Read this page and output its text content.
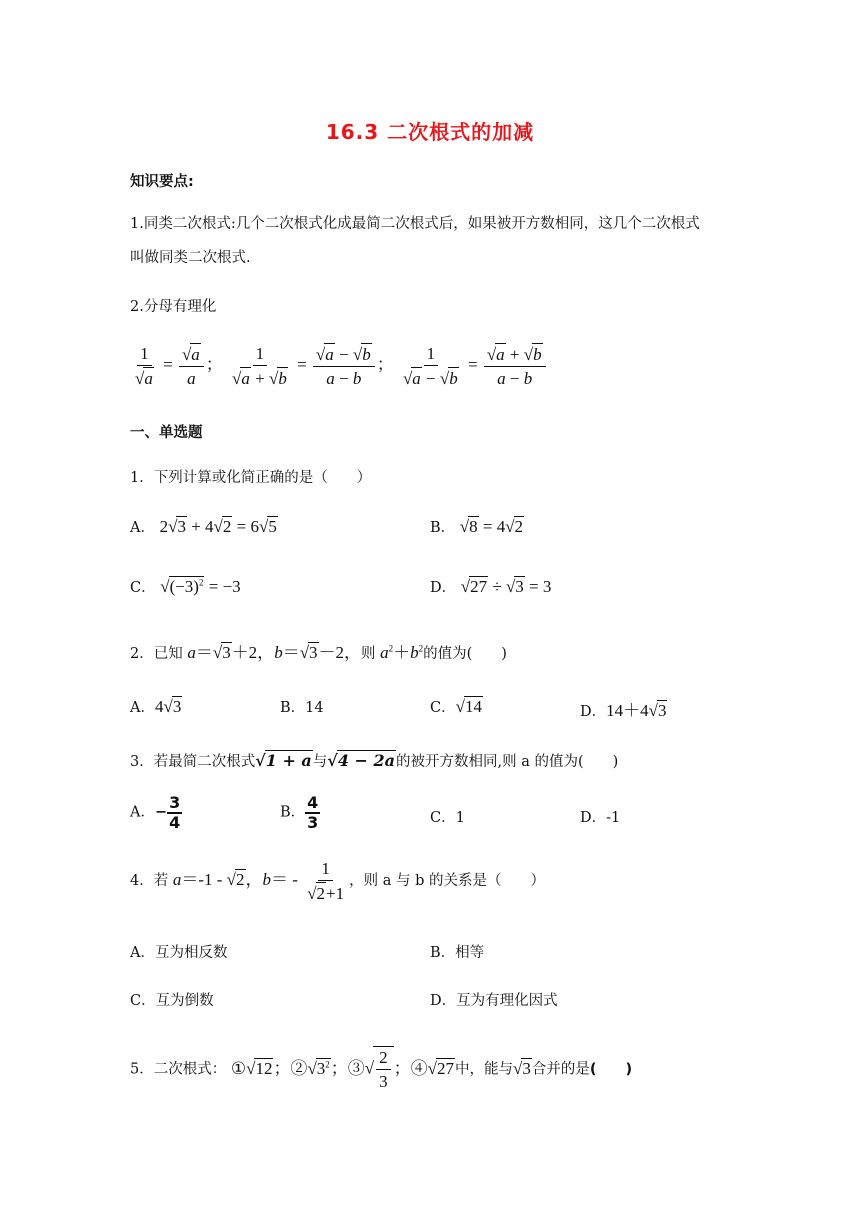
16.3 二次根式的加减
知识要点:
1.同类二次根式:几个二次根式化成最简二次根式后，如果被开方数相同，这几个二次根式
叫做同类二次根式.
2.分母有理化
$\frac{1}{√a} = \frac{√a}{a}$ ； $\frac{1}{√a + √b} = \frac{√a - √b}{a - b}$ ； $\frac{1}{√a - √b} = \frac{√a + √b}{a - b}$
一、单选题
1．下列计算或化简正确的是（　　）
A． 2√3 + 4√2 = 6√5	B． √8 = 4√2
C． $√(-3)^2 = -3$	D． √27 ÷ √3 = 3
2．已知 a＝√3＋2，b＝√3－2，则 $a^2+b^2$的值为(　　)
A．4√3	B．14	C．√14	D．14＋4√3
3．若最简二次根式√1 + a与√4 − 2a的被开方数相同,则 a 的值为(　　)
A．− $\frac{3}{4}$	B． $\frac{4}{3}$	C．1	D．-1
4．若 a＝-1 - √2，$b= - \frac{1}{√2+1}$ ，则 a 与 b 的关系是（　　）
A．互为相反数	B．相等
C．互为倒数	D．互为有理化因式
5．二次根式： ①√12；$②√3^2$；③√ $\frac{2}{3}$ ；④√27中，能与√3合并的是(　　)
